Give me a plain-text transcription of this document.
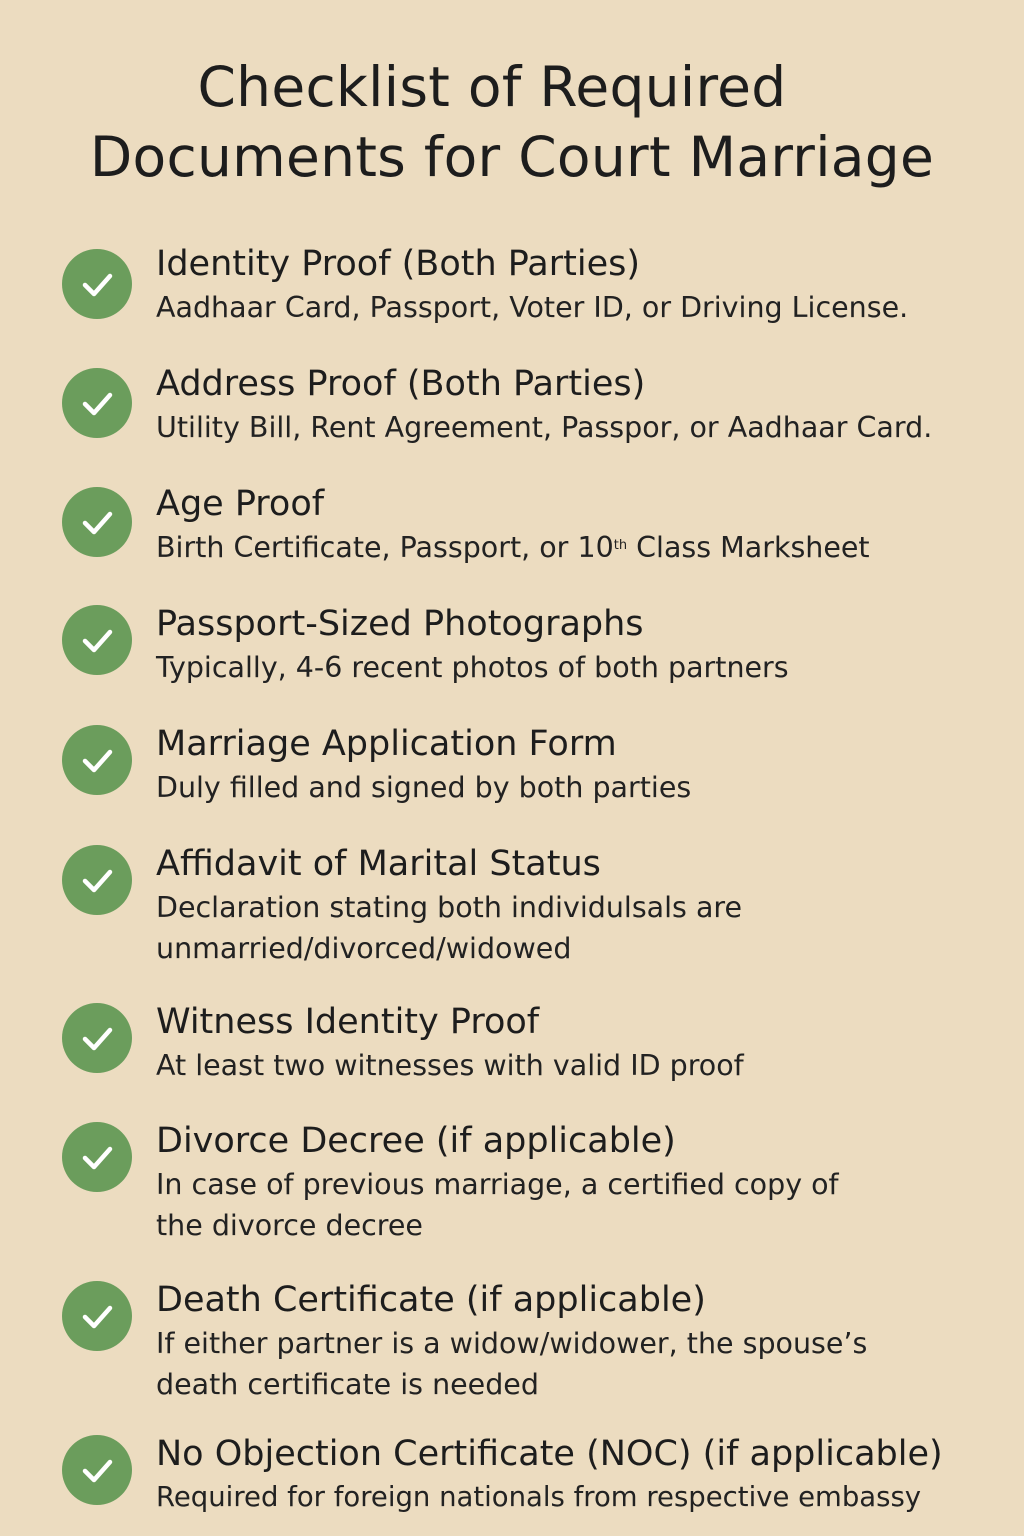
Checklist of Required
Documents for Court Marriage
Identity Proof (Both Parties)
Aadhaar Card, Passport, Voter ID, or Driving License.
Address Proof (Both Parties)
Utility Bill, Rent Agreement, Passpor, or Aadhaar Card.
Age Proof
Birth Certificate, Passport, or 10th Class Marksheet
Passport-Sized Photographs
Typically, 4-6 recent photos of both partners
Marriage Application Form
Duly filled and signed by both parties
Affidavit of Marital Status
Declaration stating both individulsals are
unmarried/divorced/widowed
Witness Identity Proof
At least two witnesses with valid ID proof
Divorce Decree (if applicable)
In case of previous marriage, a certified copy of
the divorce decree
Death Certificate (if applicable)
If either partner is a widow/widower, the spouse’s
death certificate is needed
No Objection Certificate (NOC) (if applicable)
Required for foreign nationals from respective embassy
